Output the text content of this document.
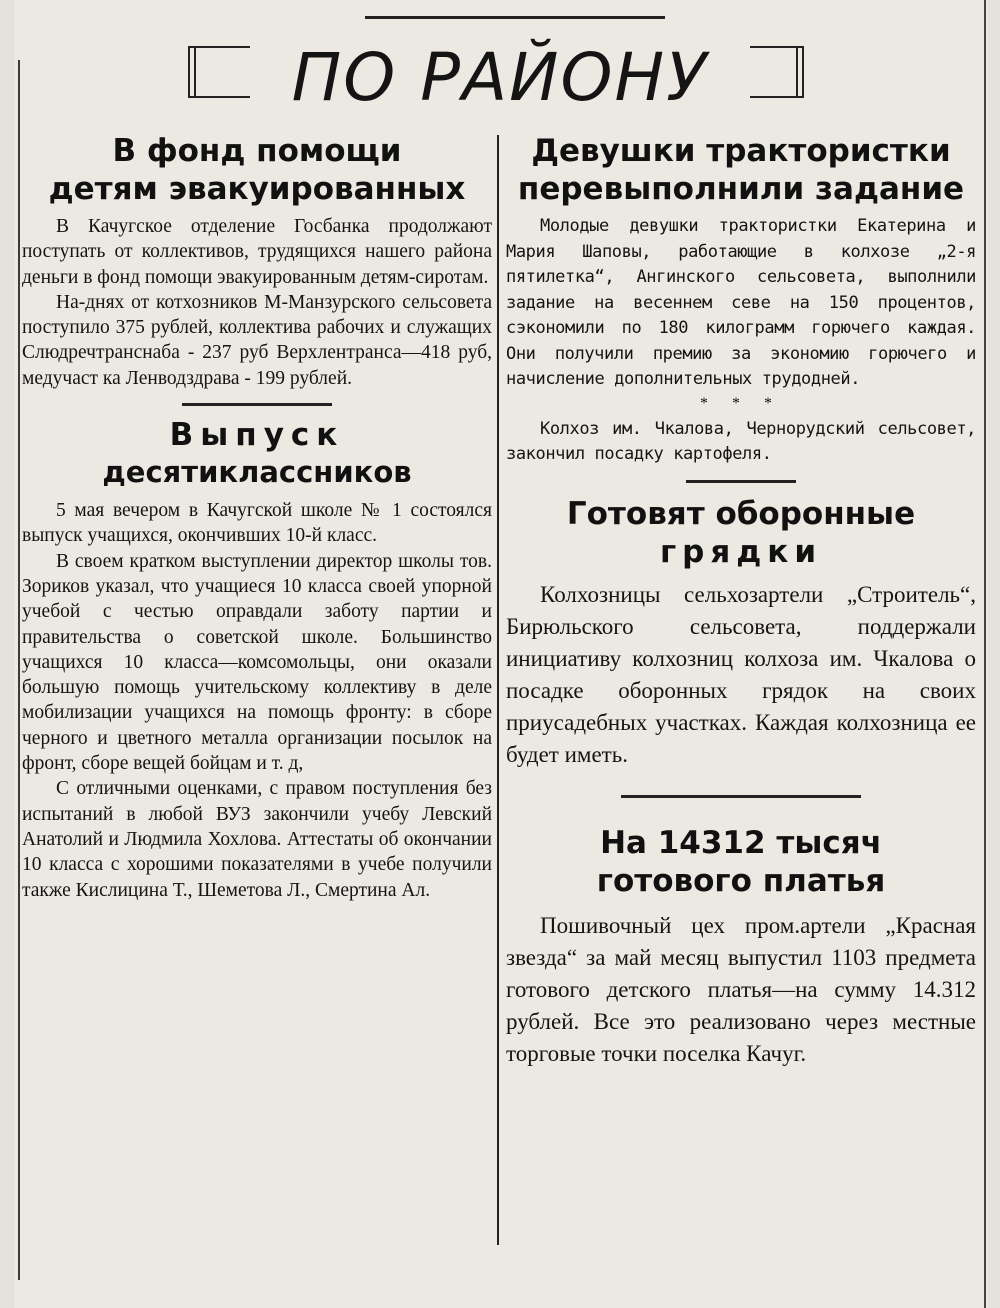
ПО РАЙОНУ
В фонд помощи
детям эвакуированных

В Качугское отделение Госбанка продолжают поступать от коллективов, трудящихся нашего района деньги в фонд помощи эвакуированным детям-сиротам.

На-днях от котхозников М-Манзурского сельсовета поступило 375 рублей, коллектива рабочих и служащих Слюдречтранснаба - 237 руб Верхлентранса—418 руб, медучаст ка Ленводздрава - 199 рублей.

Выпуск
десятиклассников

5 мая вечером в Качугской школе № 1 состоялся выпуск учащихся, окончивших 10-й класс.

В своем кратком выступлении директор школы тов. Зориков указал, что учащиеся 10 класса своей упорной учебой с честью оправдали заботу партии и правительства о советской школе. Большинство учащихся 10 класса—комсомольцы, они оказали большую помощь учительскому коллективу в деле мобилизации учащихся на помощь фронту: в сборе черного и цветного металла организации посылок на фронт, сборе вещей бойцам и т. д,

С отличными оценками, с правом поступления без испытаний в любой ВУЗ закончили учебу Левский Анатолий и Людмила Хохлова. Аттестаты об окончании 10 класса с хорошими показателями в учебе получили также Кислицина Т., Шеметова Л., Смертина Ал.

Девушки трактористки
перевыполнили задание

Молодые девушки трактористки Екатерина и Мария Шаповы, работающие в колхозе „2-я пятилетка“, Ангинского сельсовета, выполнили задание на весеннем севе на 150 процентов, сэкономили по 180 килограмм горючего каждая. Они получили премию за экономию горючего и начисление дополнительных трудодней.

* * *

Колхоз им. Чкалова, Чернорудский сельсовет, закончил посадку картофеля.

Готовят оборонные
грядки

Колхозницы сельхозартели „Строитель“, Бирюльского сельсовета, поддержали инициативу колхозниц колхоза им. Чкалова о посадке оборонных грядок на своих приусадебных участках. Каждая колхозница ее будет иметь.

На 14312 тысяч
готового платья

Пошивочный цех пром.артели „Красная звезда“ за май месяц выпустил 1103 предмета готового детского платья—на сумму 14.312 рублей. Все это реализовано через местные торговые точки поселка Качуг.
